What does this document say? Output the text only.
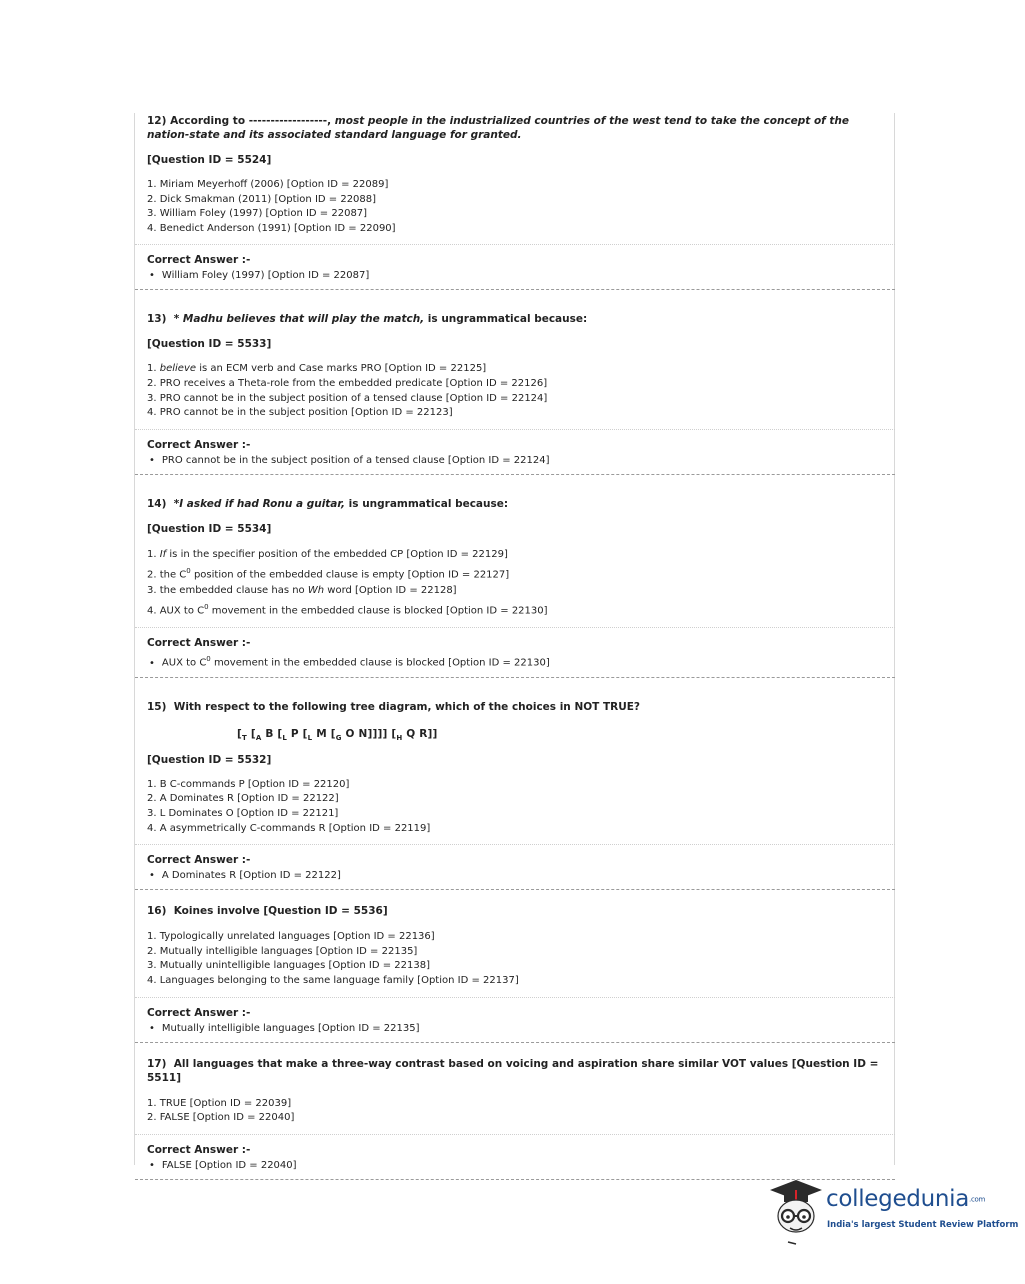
12) According to ------------------, most people in the industrialized countries of the west tend to take the concept of the nation-state and its associated standard language for granted.

[Question ID = 5524]

1. Miriam Meyerhoff (2006) [Option ID = 22089]
2. Dick Smakman (2011) [Option ID = 22088]
3. William Foley (1997) [Option ID = 22087]
4. Benedict Anderson (1991) [Option ID = 22090]

Correct Answer :-

• William Foley (1997) [Option ID = 22087]

13) * Madhu believes that will play the match, is ungrammatical because:

[Question ID = 5533]

1. believe is an ECM verb and Case marks PRO [Option ID = 22125]
2. PRO receives a Theta-role from the embedded predicate [Option ID = 22126]
3. PRO cannot be in the subject position of a tensed clause [Option ID = 22124]
4. PRO cannot be in the subject position [Option ID = 22123]

Correct Answer :-

• PRO cannot be in the subject position of a tensed clause [Option ID = 22124]

14) *I asked if had Ronu a guitar, is ungrammatical because:

[Question ID = 5534]

1. If is in the specifier position of the embedded CP [Option ID = 22129]
2. the $C^0$ position of the embedded clause is empty [Option ID = 22127]
3. the embedded clause has no Wh word [Option ID = 22128]
4. AUX to $C^0$ movement in the embedded clause is blocked [Option ID = 22130]

Correct Answer :-

• AUX to $C^0$ movement in the embedded clause is blocked [Option ID = 22130]

15) With respect to the following tree diagram, which of the choices in NOT TRUE?

[$_T$ [$_A$ B [$_L$ P [$_L$ M [$_G$ O N]]]] [$_H$ Q R]]

[Question ID = 5532]

1. B C-commands P [Option ID = 22120]
2. A Dominates R [Option ID = 22122]
3. L Dominates O [Option ID = 22121]
4. A asymmetrically C-commands R [Option ID = 22119]

Correct Answer :-

• A Dominates R [Option ID = 22122]

16) Koines involve [Question ID = 5536]

1. Typologically unrelated languages [Option ID = 22136]
2. Mutually intelligible languages [Option ID = 22135]
3. Mutually unintelligible languages [Option ID = 22138]
4. Languages belonging to the same language family [Option ID = 22137]

Correct Answer :-

• Mutually intelligible languages [Option ID = 22135]

17) All languages that make a three-way contrast based on voicing and aspiration share similar VOT values [Question ID = 5511]

1. TRUE [Option ID = 22039]
2. FALSE [Option ID = 22040]

Correct Answer :-

• FALSE [Option ID = 22040]

collegedunia.com
India's largest Student Review Platform
